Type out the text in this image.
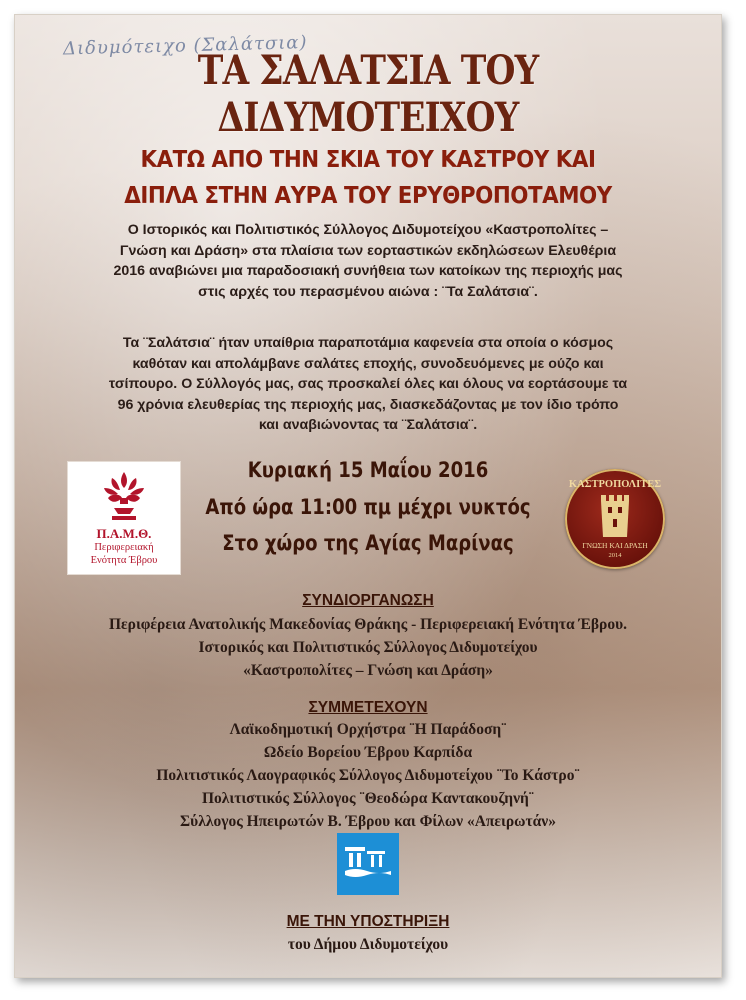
Διδυμότειχο (Σαλάτσια)
ΤΑ ΣΑΛΑΤΣΙΑ ΤΟΥ ΔΙΔΥΜΟΤΕΙΧΟΥ
ΚΑΤΩ ΑΠΟ ΤΗΝ ΣΚΙΑ ΤΟΥ ΚΑΣΤΡΟΥ ΚΑΙ
ΔΙΠΛΑ ΣΤΗΝ ΑΥΡΑ ΤΟΥ ΕΡΥΘΡΟΠΟΤΑΜΟΥ
Ο Ιστορικός και Πολιτιστικός Σύλλογος Διδυμοτείχου «Καστροπολίτες –
Γνώση και Δράση» στα πλαίσια των εορταστικών εκδηλώσεων Ελευθέρια
2016 αναβιώνει μια παραδοσιακή συνήθεια των κατοίκων της περιοχής μας
στις αρχές του περασμένου αιώνα : ¨Τα Σαλάτσια¨.
Τα ¨Σαλάτσια¨ ήταν υπαίθρια παραποτάμια καφενεία στα οποία ο κόσμος
καθόταν και απολάμβανε σαλάτες εποχής, συνοδευόμενες με ούζο και
τσίπουρο. Ο Σύλλογός μας, σας προσκαλεί όλες και όλους να εορτάσουμε τα
96 χρόνια ελευθερίας της περιοχής μας, διασκεδάζοντας με τον ίδιο τρόπο
και αναβιώνοντας τα ¨Σαλάτσια¨.
Κυριακή 15 Μαΐου 2016
Από ώρα 11:00 πμ μέχρι νυκτός
Στο χώρο της Αγίας Μαρίνας
Π.Α.Μ.Θ.
Περιφερειακή
Ενότητα Έβρου
ΚΑΣΤΡΟΠΟΛΙΤΕΣ
ΓΝΩΣΗ ΚΑΙ ΔΡΑΣΗ
2014
ΣΥΝΔΙΟΡΓΑΝΩΣΗ
Περιφέρεια Ανατολικής Μακεδονίας Θράκης - Περιφερειακή Ενότητα Έβρου.
Ιστορικός και Πολιτιστικός Σύλλογος Διδυμοτείχου
«Καστροπολίτες – Γνώση και Δράση»
ΣΥΜΜΕΤΕΧΟΥΝ
Λαϊκοδημοτική Ορχήστρα ¨Η Παράδοση¨
Ωδείο Βορείου Έβρου Καρπίδα
Πολιτιστικός Λαογραφικός Σύλλογος Διδυμοτείχου ¨Το Κάστρο¨
Πολιτιστικός Σύλλογος ¨Θεοδώρα Καντακουζηνή¨
Σύλλογος Ηπειρωτών Β. Έβρου και Φίλων «Απειρωτάν»
ΜΕ ΤΗΝ ΥΠΟΣΤΗΡΙΞΗ
του Δήμου Διδυμοτείχου
